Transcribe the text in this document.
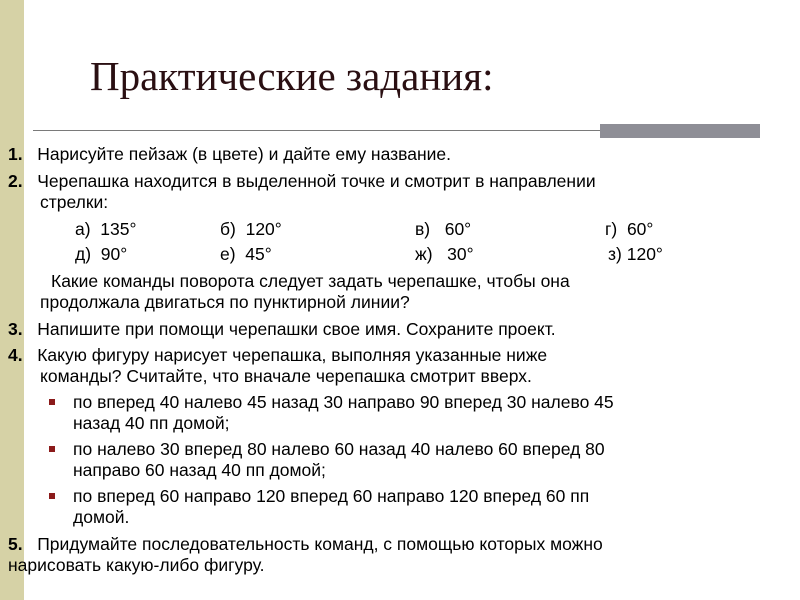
Практические задания:
1. Нарисуйте пейзаж (в цвете) и дайте ему название.
2. Черепашка находится в выделенной точке и смотрит в направлении
стрелки:
а) 135°	б) 120°	в) 60°	г) 60°
д) 90°	е) 45°	ж) 30°	з) 120°
Какие команды поворота следует задать черепашке, чтобы она
продолжала двигаться по пунктирной линии?
3. Напишите при помощи черепашки свое имя. Сохраните проект.
4. Какую фигуру нарисует черепашка, выполняя указанные ниже
команды? Считайте, что вначале черепашка смотрит вверх.
по вперед 40 налево 45 назад 30 направо 90 вперед 30 налево 45
назад 40 пп домой;
по налево 30 вперед 80 налево 60 назад 40 налево 60 вперед 80
направо 60 назад 40 пп домой;
по вперед 60 направо 120 вперед 60 направо 120 вперед 60 пп
домой.
5. Придумайте последовательность команд, с помощью которых можно
нарисовать какую-либо фигуру.
